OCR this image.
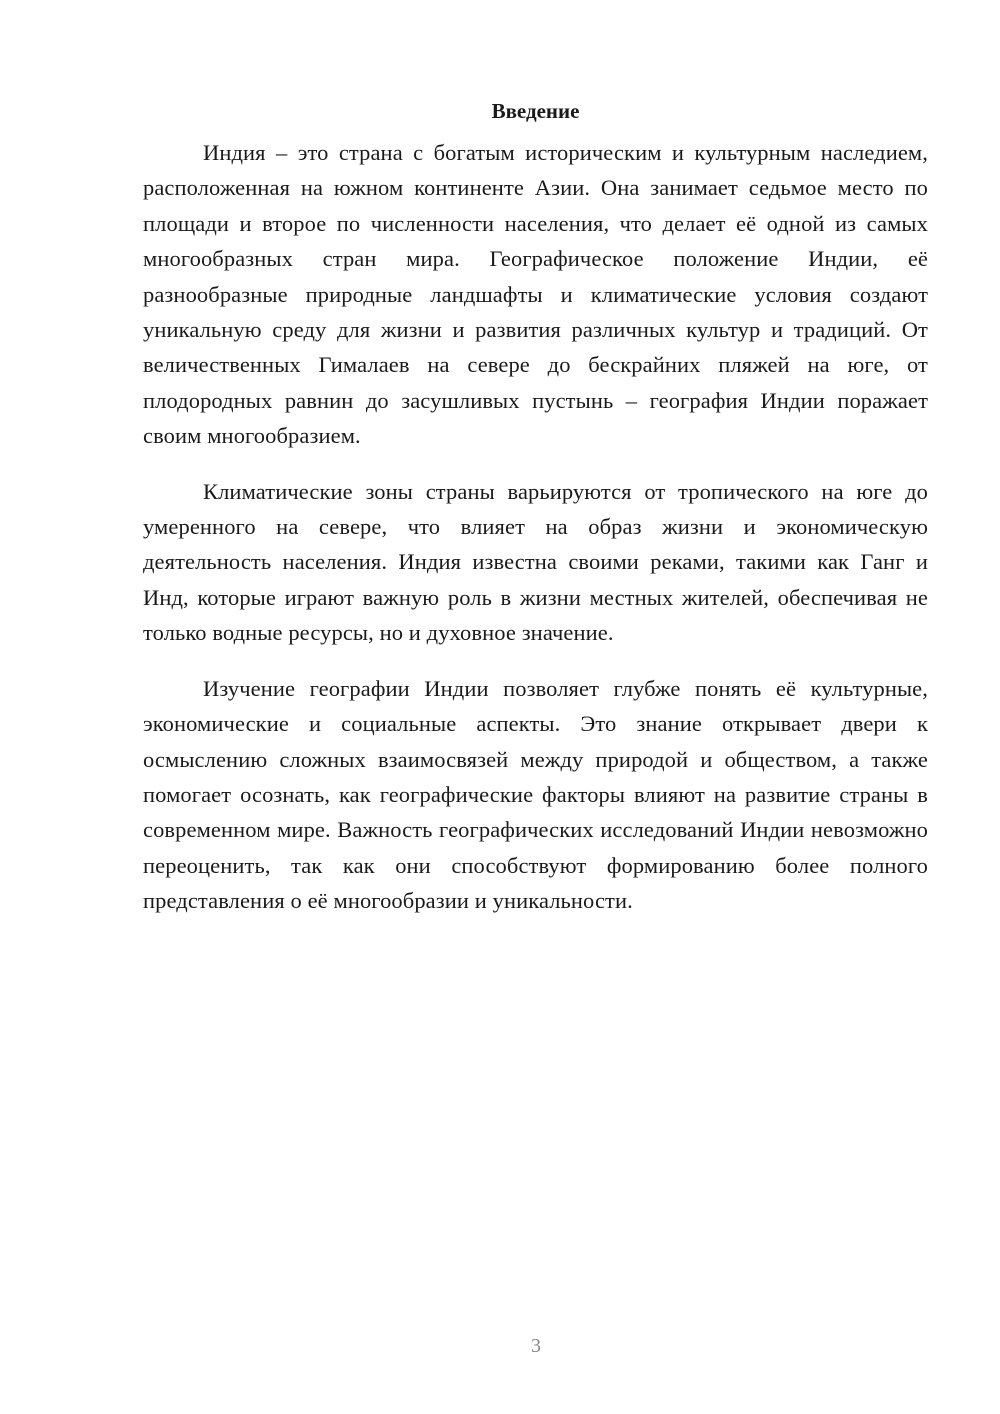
Введение

Индия – это страна с богатым историческим и культурным наследием, расположенная на южном континенте Азии. Она занимает седьмое место по площади и второе по численности населения, что делает её одной из самых многообразных стран мира. Географическое положение Индии, её разнообразные природные ландшафты и климатические условия создают уникальную среду для жизни и развития различных культур и традиций. От величественных Гималаев на севере до бескрайних пляжей на юге, от плодородных равнин до засушливых пустынь – география Индии поражает своим многообразием.

Климатические зоны страны варьируются от тропического на юге до умеренного на севере, что влияет на образ жизни и экономическую деятельность населения. Индия известна своими реками, такими как Ганг и Инд, которые играют важную роль в жизни местных жителей, обеспечивая не только водные ресурсы, но и духовное значение.

Изучение географии Индии позволяет глубже понять её культурные, экономические и социальные аспекты. Это знание открывает двери к осмыслению сложных взаимосвязей между природой и обществом, а также помогает осознать, как географические факторы влияют на развитие страны в современном мире. Важность географических исследований Индии невозможно переоценить, так как они способствуют формированию более полного представления о её многообразии и уникальности.

3
